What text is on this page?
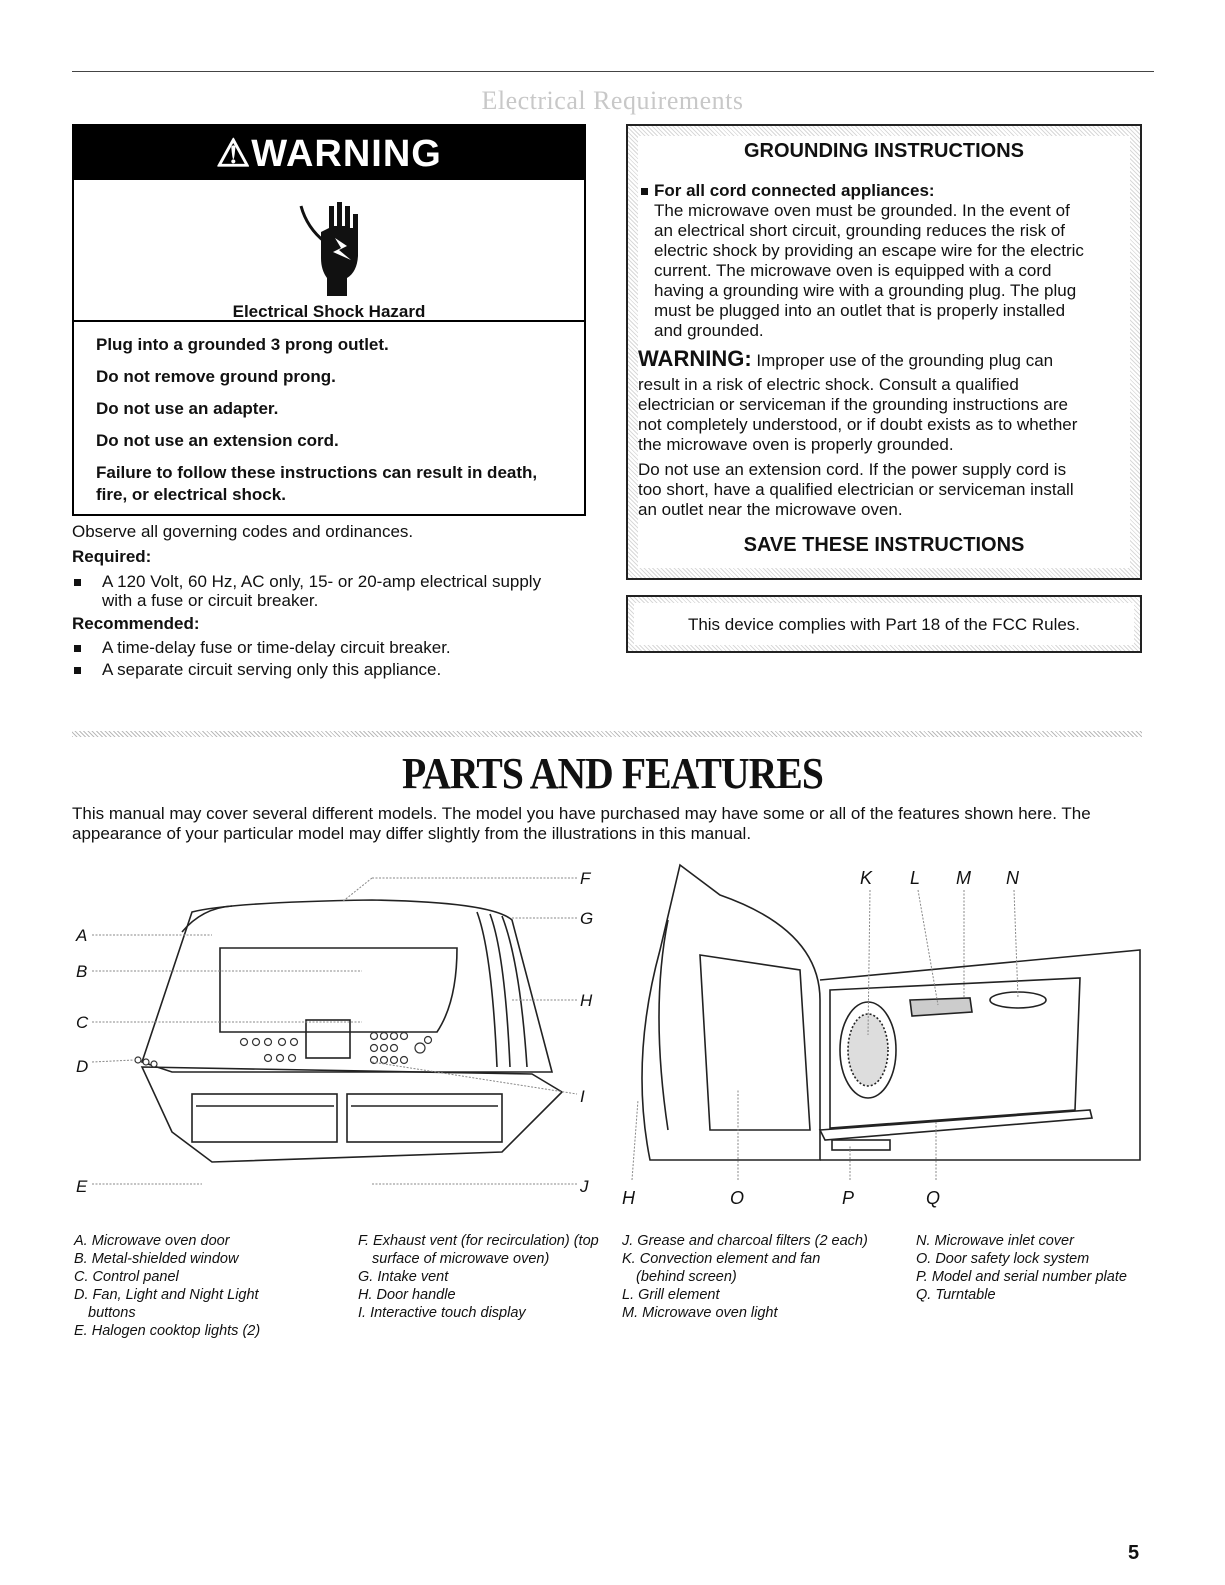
Electrical Requirements
⚠WARNING
Electrical Shock Hazard
Plug into a grounded 3 prong outlet.
Do not remove ground prong.
Do not use an adapter.
Do not use an extension cord.
Failure to follow these instructions can result in death,
fire, or electrical shock.
Observe all governing codes and ordinances.
Required:
A 120 Volt, 60 Hz, AC only, 15- or 20-amp electrical supply
with a fuse or circuit breaker.
Recommended:
A time-delay fuse or time-delay circuit breaker.
A separate circuit serving only this appliance.
GROUNDING INSTRUCTIONS
For all cord connected appliances:
The microwave oven must be grounded. In the event of
an electrical short circuit, grounding reduces the risk of
electric shock by providing an escape wire for the electric
current. The microwave oven is equipped with a cord
having a grounding wire with a grounding plug. The plug
must be plugged into an outlet that is properly installed
and grounded.
WARNING: Improper use of the grounding plug can
result in a risk of electric shock. Consult a qualified
electrician or serviceman if the grounding instructions are
not completely understood, or if doubt exists as to whether
the microwave oven is properly grounded.
Do not use an extension cord. If the power supply cord is
too short, have a qualified electrician or serviceman install
an outlet near the microwave oven.
SAVE THESE INSTRUCTIONS
This device complies with Part 18 of the FCC Rules.
PARTS AND FEATURES
This manual may cover several different models. The model you have purchased may have some or all of the features shown here. The
appearance of your particular model may differ slightly from the illustrations in this manual.
A
B
C
D
E
F
G
H
I
J
K L M N
H	O	P	Q
A. Microwave oven door
B. Metal-shielded window
C. Control panel
D. Fan, Light and Night Light buttons
E. Halogen cooktop lights (2)
F. Exhaust vent (for recirculation) (top surface of microwave oven)
G. Intake vent
H. Door handle
I. Interactive touch display
J. Grease and charcoal filters (2 each)
K. Convection element and fan (behind screen)
L. Grill element
M. Microwave oven light
N. Microwave inlet cover
O. Door safety lock system
P. Model and serial number plate
Q. Turntable
5
